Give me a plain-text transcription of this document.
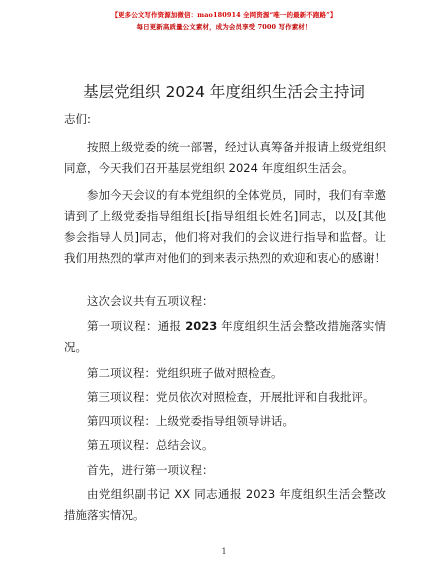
【更多公文写作资源加微信：mao180914 全网资源“唯一的最新不跑路”】
每日更新高质量公文素材，成为会员享受 7000 写作素材！
基层党组织 2024 年度组织生活会主持词
志们:
按照上级党委的统一部署，经过认真筹备并报请上级党组织同意，今天我们召开基层党组织 2024 年度组织生活会。
参加今天会议的有本党组织的全体党员，同时，我们有幸邀请到了上级党委指导组组长[指导组组长姓名]同志，以及[其他参会指导人员]同志，他们将对我们的会议进行指导和监督。让我们用热烈的掌声对他们的到来表示热烈的欢迎和衷心的感谢！
这次会议共有五项议程：
第一项议程：通报 2023 年度组织生活会整改措施落实情况。
第二项议程：党组织班子做对照检查。
第三项议程：党员依次对照检查，开展批评和自我批评。
第四项议程：上级党委指导组领导讲话。
第五项议程：总结会议。
首先，进行第一项议程：
由党组织副书记 XX 同志通报 2023 年度组织生活会整改措施落实情况。
1
